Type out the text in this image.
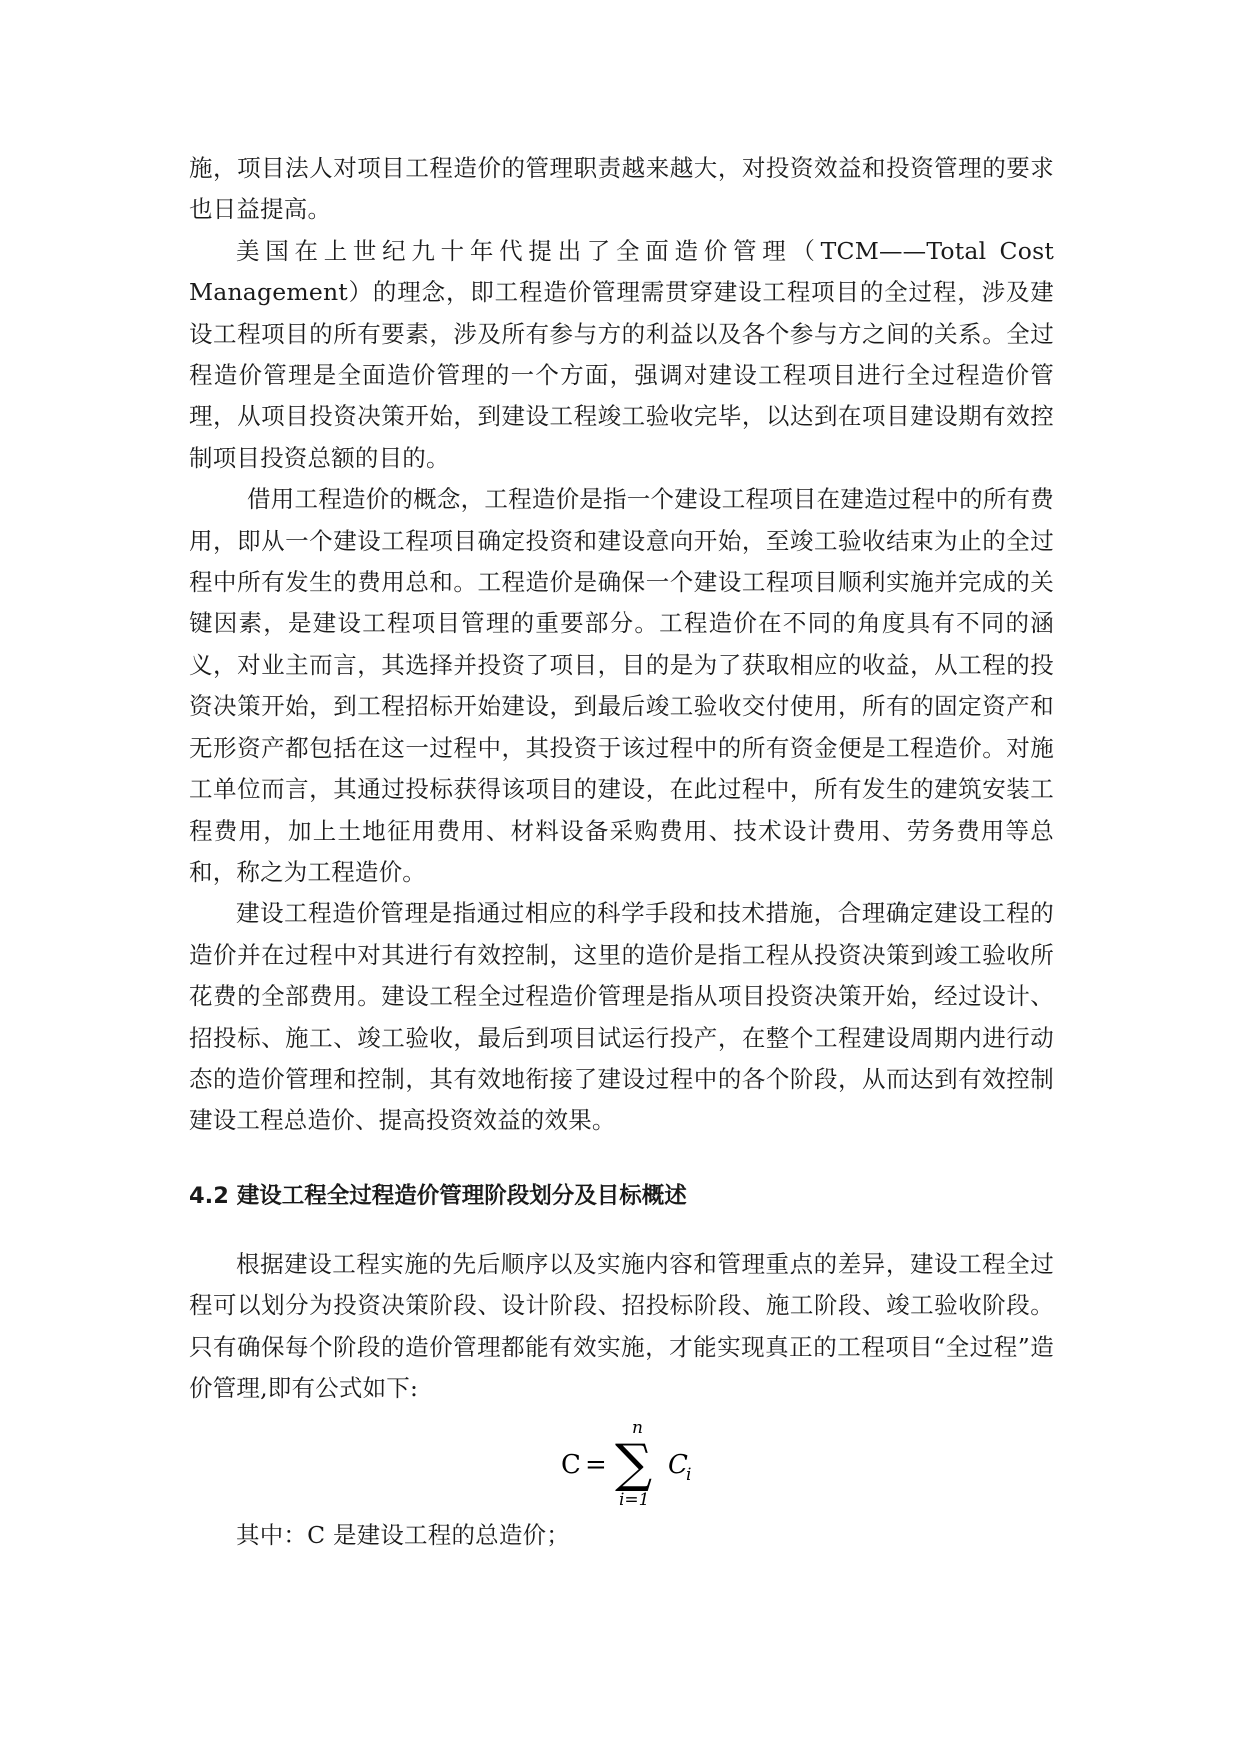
施，项目法人对项目工程造价的管理职责越来越大，对投资效益和投资管理的要求也日益提高。

美国在上世纪九十年代提出了全面造价管理（TCM——Total Cost Management）的理念，即工程造价管理需贯穿建设工程项目的全过程，涉及建设工程项目的所有要素，涉及所有参与方的利益以及各个参与方之间的关系。全过程造价管理是全面造价管理的一个方面，强调对建设工程项目进行全过程造价管理，从项目投资决策开始，到建设工程竣工验收完毕，以达到在项目建设期有效控制项目投资总额的目的。

借用工程造价的概念，工程造价是指一个建设工程项目在建造过程中的所有费用，即从一个建设工程项目确定投资和建设意向开始，至竣工验收结束为止的全过程中所有发生的费用总和。工程造价是确保一个建设工程项目顺利实施并完成的关键因素，是建设工程项目管理的重要部分。工程造价在不同的角度具有不同的涵义，对业主而言，其选择并投资了项目，目的是为了获取相应的收益，从工程的投资决策开始，到工程招标开始建设，到最后竣工验收交付使用，所有的固定资产和无形资产都包括在这一过程中，其投资于该过程中的所有资金便是工程造价。对施工单位而言，其通过投标获得该项目的建设，在此过程中，所有发生的建筑安装工程费用，加上土地征用费用、材料设备采购费用、技术设计费用、劳务费用等总和，称之为工程造价。

建设工程造价管理是指通过相应的科学手段和技术措施，合理确定建设工程的造价并在过程中对其进行有效控制，这里的造价是指工程从投资决策到竣工验收所花费的全部费用。建设工程全过程造价管理是指从项目投资决策开始，经过设计、招投标、施工、竣工验收，最后到项目试运行投产，在整个工程建设周期内进行动态的造价管理和控制，其有效地衔接了建设过程中的各个阶段，从而达到有效控制建设工程总造价、提高投资效益的效果。

4.2 建设工程全过程造价管理阶段划分及目标概述

根据建设工程实施的先后顺序以及实施内容和管理重点的差异，建设工程全过程可以划分为投资决策阶段、设计阶段、招投标阶段、施工阶段、竣工验收阶段。只有确保每个阶段的造价管理都能有效实施，才能实现真正的工程项目“全过程”造价管理,即有公式如下:

C = ∑
n
i=1
C
i

其中：C 是建设工程的总造价；
